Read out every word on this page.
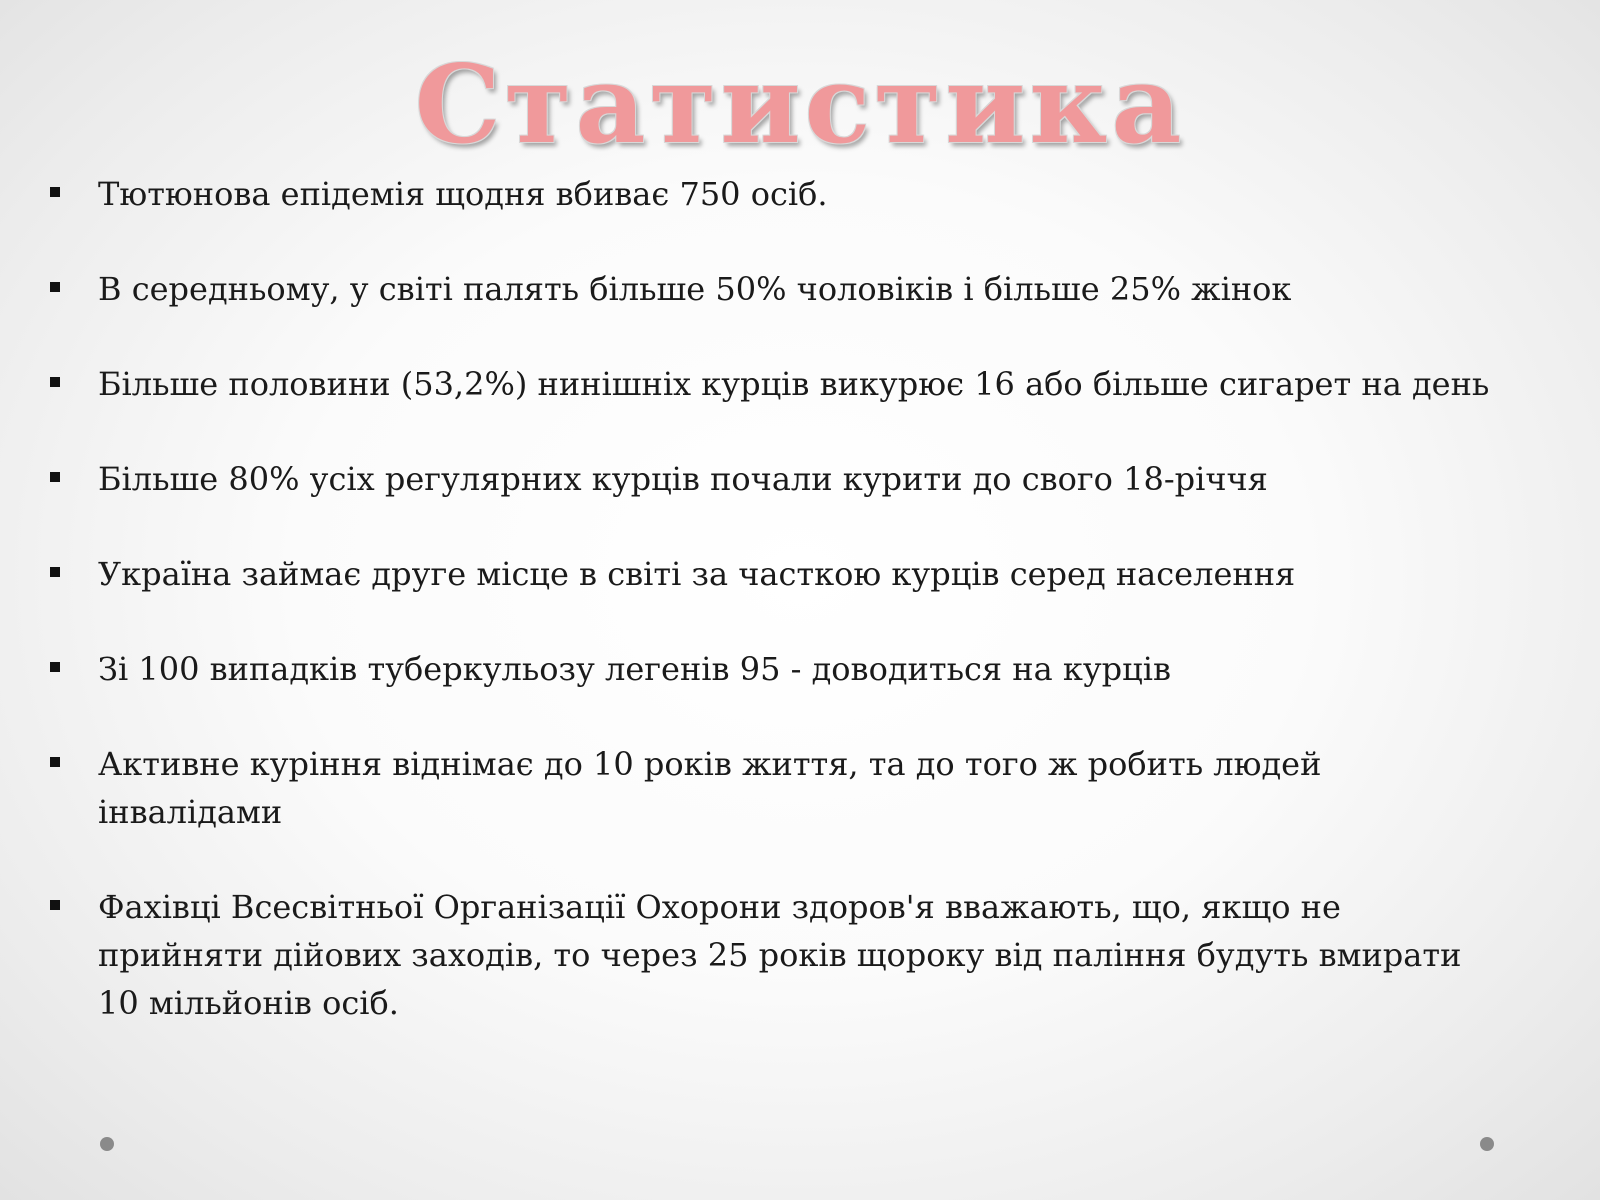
Статистика
Тютюнова епідемія щодня вбиває 750 осіб.
В середньому, у світі палять більше 50% чоловіків і більше 25% жінок
Більше половини (53,2%) нинішніх курців викурює 16 або більше сигарет на день
Більше 80% усіх регулярних курців почали курити до свого 18-річчя
Україна займає друге місце в світі за часткою курців серед населення
Зі 100 випадків туберкульозу легенів 95 - доводиться на курців
Активне куріння віднімає до 10 років життя, та до того ж робить людей інвалідами
Фахівці Всесвітньої Організації Охорони здоров'я вважають, що, якщо не прийняти дійових заходів, то через 25 років щороку від паління будуть вмирати 10 мільйонів осіб.
